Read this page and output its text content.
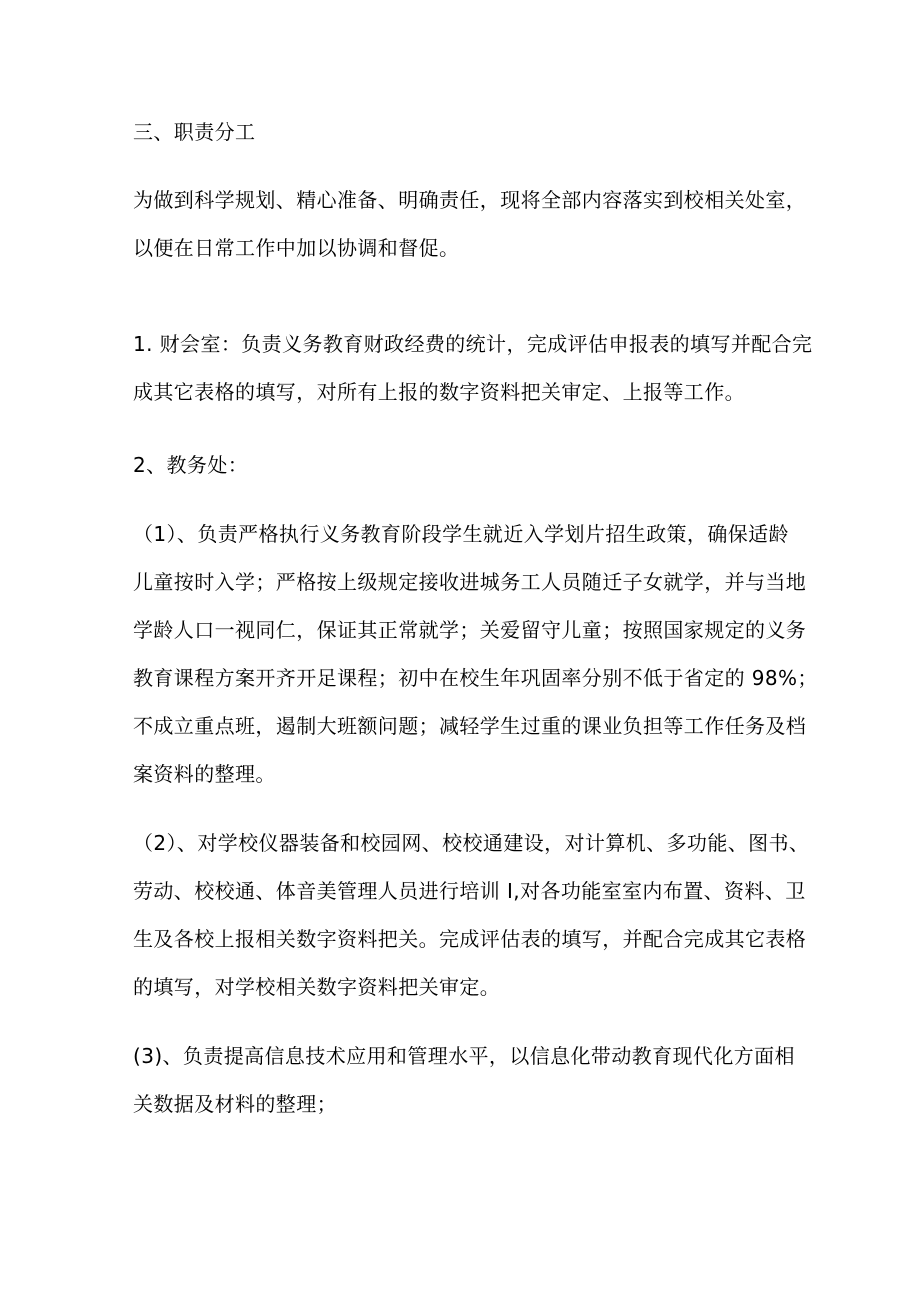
三、职责分工
为做到科学规划、精心准备、明确责任，现将全部内容落实到校相关处室，
以便在日常工作中加以协调和督促。
1. 财会室：负责义务教育财政经费的统计，完成评估申报表的填写并配合完
成其它表格的填写，对所有上报的数字资料把关审定、上报等工作。
2、教务处：
（1）、负责严格执行义务教育阶段学生就近入学划片招生政策，确保适龄
儿童按时入学；严格按上级规定接收进城务工人员随迁子女就学，并与当地
学龄人口一视同仁，保证其正常就学；关爱留守儿童；按照国家规定的义务
教育课程方案开齐开足课程；初中在校生年巩固率分别不低于省定的 98%；
不成立重点班，遏制大班额问题；减轻学生过重的课业负担等工作任务及档
案资料的整理。
（2）、对学校仪器装备和校园网、校校通建设，对计算机、多功能、图书、
劳动、校校通、体音美管理人员进行培训 I,对各功能室室内布置、资料、卫
生及各校上报相关数字资料把关。完成评估表的填写，并配合完成其它表格
的填写，对学校相关数字资料把关审定。
(3)、负责提高信息技术应用和管理水平，以信息化带动教育现代化方面相
关数据及材料的整理；
